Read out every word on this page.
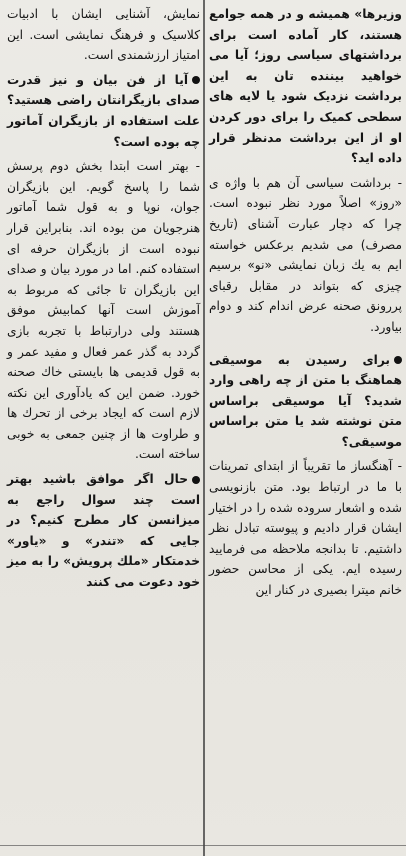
وزیرها» همیشه و در همه جوامع هستند، کار آماده است برای برداشتهای سیاسی روز؛ آیا می خواهید بیننده تان به این برداشت نزدیک شود یا لایه های سطحی کمیک را برای دور کردن او از این برداشت مدنظر قرار داده اید؟

- برداشت سیاسی آن هم با واژه ی «روز» اصلاً مورد نظر نبوده است. چرا که دچار عبارت آشنای (تاریخ مصرف) می شدیم برعکس خواسته ایم به یك زبان نمایشی «نو» برسیم چیزی که بتواند در مقابل رقبای پررونق صحنه عرض اندام کند و دوام بیاورد.

برای رسیدن به موسیقی هماهنگ با متن از چه راهی وارد شدید؟ آیا موسیقی براساس متن نوشته شد یا متن براساس موسیقی؟

- آهنگساز ما تقریباً از ابتدای تمرینات با ما در ارتباط بود. متن بازنویسی شده و اشعار سروده شده را در اختیار ایشان قرار دادیم و پیوسته تبادل نظر داشتیم. تا بدانجه ملاحظه می فرمایید رسیده ایم. یکی از محاسن حضور خانم میترا بصیری در کنار این

نمایش، آشنایی ایشان با ادبیات کلاسیک و فرهنگ نمایشی است. این امتیاز ارزشمندی است.

آیا از فن بیان و نیز قدرت صدای بازیگرانتان راضی هستید؟ علت استفاده از بازیگران آماتور چه بوده است؟

- بهتر است ابتدا بخش دوم پرسش شما را پاسخ گویم. این بازیگران جوان، نوپا و به قول شما آماتور هنرجویان من بوده اند. بنابراین قرار نبوده است از بازیگران حرفه ای استفاده کنم. اما در مورد بیان و صدای این بازیگران تا جائی که مربوط به آموزش است آنها کمابیش موفق هستند ولی درارتباط با تجربه بازی گردد به گذر عمر فعال و مفید عمر و به قول قدیمی ها بایستی خاك صحنه خورد. ضمن این که یادآوری این نکته لازم است که ایجاد برخی از تحرك ها و طراوت ها از چنین جمعی به خوبی ساخته است.

حال اگر موافق باشید بهتر است چند سوال راجع به میزانسن کار مطرح کنیم؟ در جایی که «تندر» و «یاور» خدمتکار «ملك پرویش» را به میز خود دعوت می کنند
